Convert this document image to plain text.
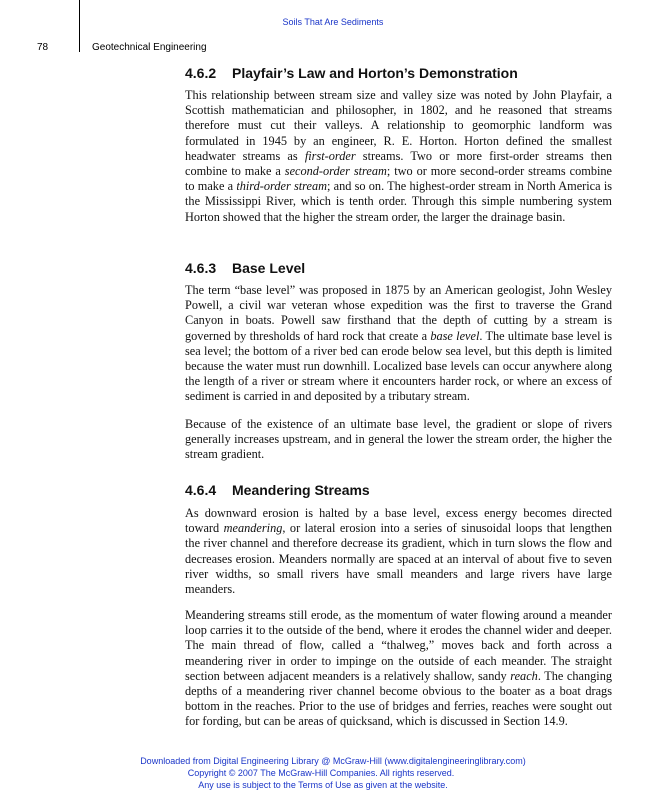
Soils That Are Sediments
78	Geotechnical Engineering
4.6.2 Playfair’s Law and Horton’s Demonstration

This relationship between stream size and valley size was noted by John Playfair, a Scottish mathematician and philosopher, in 1802, and he reasoned that streams therefore must cut their valleys. A relationship to geomorphic landform was formulated in 1945 by an engineer, R. E. Horton. Horton defined the smallest headwater streams as first-order streams. Two or more first-order streams then combine to make a second-order stream; two or more second-order streams combine to make a third-order stream; and so on. The highest-order stream in North America is the Mississippi River, which is tenth order. Through this simple numbering system Horton showed that the higher the stream order, the larger the drainage basin.

4.6.3 Base Level

The term “base level” was proposed in 1875 by an American geologist, John Wesley Powell, a civil war veteran whose expedition was the first to traverse the Grand Canyon in boats. Powell saw firsthand that the depth of cutting by a stream is governed by thresholds of hard rock that create a base level. The ultimate base level is sea level; the bottom of a river bed can erode below sea level, but this depth is limited because the water must run downhill. Localized base levels can occur anywhere along the length of a river or stream where it encounters harder rock, or where an excess of sediment is carried in and deposited by a tributary stream.

Because of the existence of an ultimate base level, the gradient or slope of rivers generally increases upstream, and in general the lower the stream order, the higher the stream gradient.

4.6.4 Meandering Streams

As downward erosion is halted by a base level, excess energy becomes directed toward meandering, or lateral erosion into a series of sinusoidal loops that lengthen the river channel and therefore decrease its gradient, which in turn slows the flow and decreases erosion. Meanders normally are spaced at an interval of about five to seven river widths, so small rivers have small meanders and large rivers have large meanders.

Meandering streams still erode, as the momentum of water flowing around a meander loop carries it to the outside of the bend, where it erodes the channel wider and deeper. The main thread of flow, called a “thalweg,” moves back and forth across a meandering river in order to impinge on the outside of each meander. The straight section between adjacent meanders is a relatively shallow, sandy reach. The changing depths of a meandering river channel become obvious to the boater as a boat drags bottom in the reaches. Prior to the use of bridges and ferries, reaches were sought out for fording, but can be areas of quicksand, which is discussed in Section 14.9.

Downloaded from Digital Engineering Library @ McGraw-Hill (www.digitalengineeringlibrary.com)
Copyright © 2007 The McGraw-Hill Companies. All rights reserved.
Any use is subject to the Terms of Use as given at the website.
